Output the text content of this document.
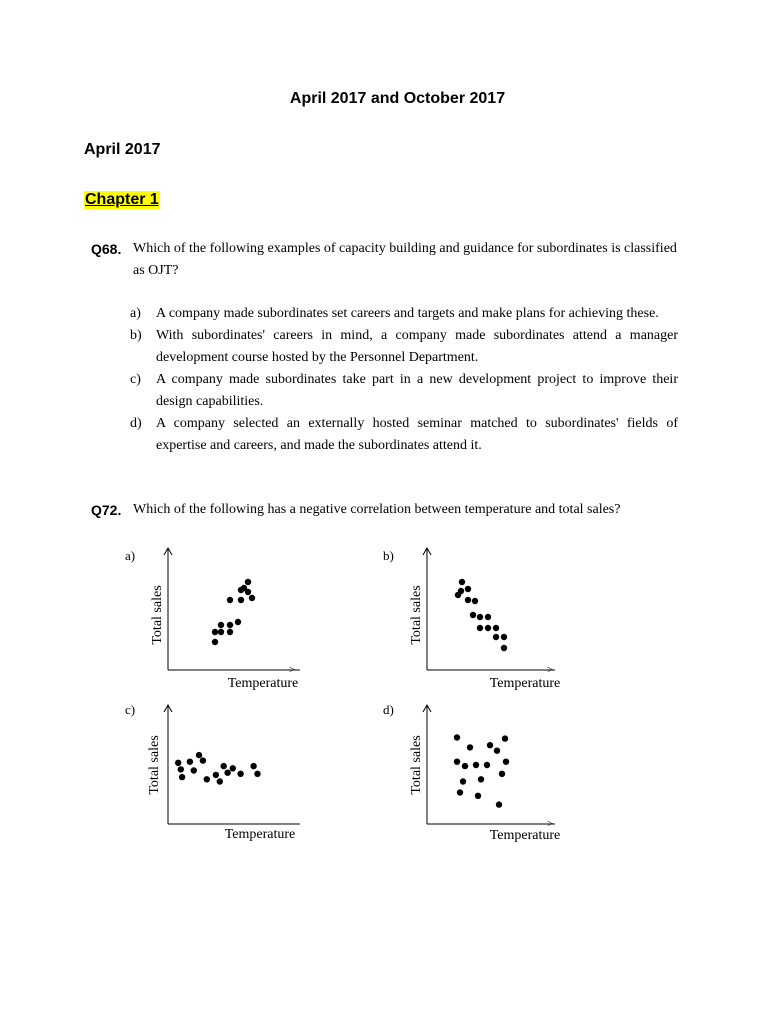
April 2017 and October 2017
April 2017
Chapter 1
Q68. Which of the following examples of capacity building and guidance for subordinates is classified as OJT?
a)	A company made subordinates set careers and targets and make plans for achieving these.
b)	With subordinates' careers in mind, a company made subordinates attend a manager development course hosted by the Personnel Department.
c)	A company made subordinates take part in a new development project to improve their design capabilities.
d)	A company selected an externally hosted seminar matched to subordinates' fields of expertise and careers, and made the subordinates attend it.
Q72. Which of the following has a negative correlation between temperature and total sales?
a)
Total sales
>
Temperature
b)
Total sales
>
Temperature
c)
Total sales
Temperature
d)
Total sales
>
Temperature
